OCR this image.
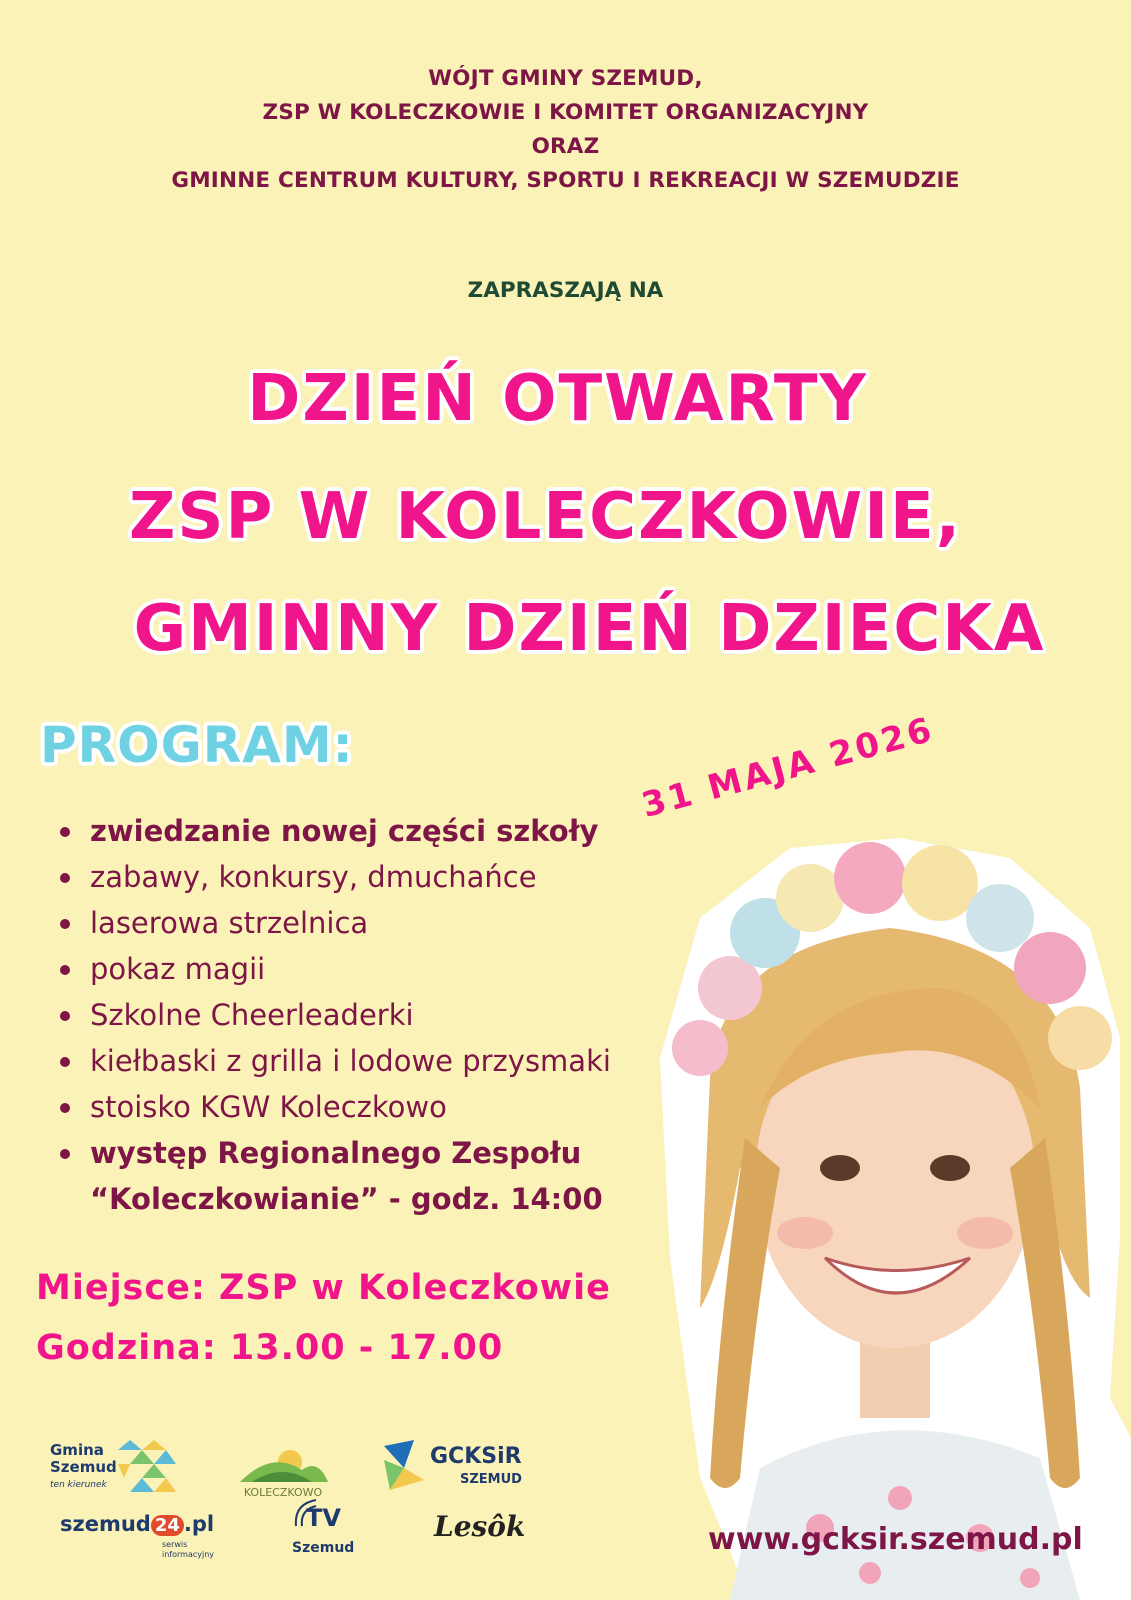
WÓJT GMINY SZEMUD,
ZSP W KOLECZKOWIE I KOMITET ORGANIZACYJNY
ORAZ
GMINNE CENTRUM KULTURY, SPORTU I REKREACJI W SZEMUDZIE
ZAPRASZAJĄ NA
DZIEŃ OTWARTY
ZSP W KOLECZKOWIE,
GMINNY DZIEŃ DZIECKA
PROGRAM:
zwiedzanie nowej części szkoły
zabawy, konkursy, dmuchańce
laserowa strzelnica
pokaz magii
Szkolne Cheerleaderki
kiełbaski z grilla i lodowe przysmaki
stoisko KGW Koleczkowo
występ Regionalnego Zespołu
“Koleczkowianie” - godz. 14:00
31 MAJA 2026
Miejsce: ZSP w Koleczkowie
Godzina: 13.00 - 17.00
Gmina
Szemud
ten kierunek
KOLECZKOWO
GCKSiR
SZEMUD
szemud 24 .pl
serwis
informacyjny
TV
Szemud
Lesôk	www.gcksir.szemud.pl
